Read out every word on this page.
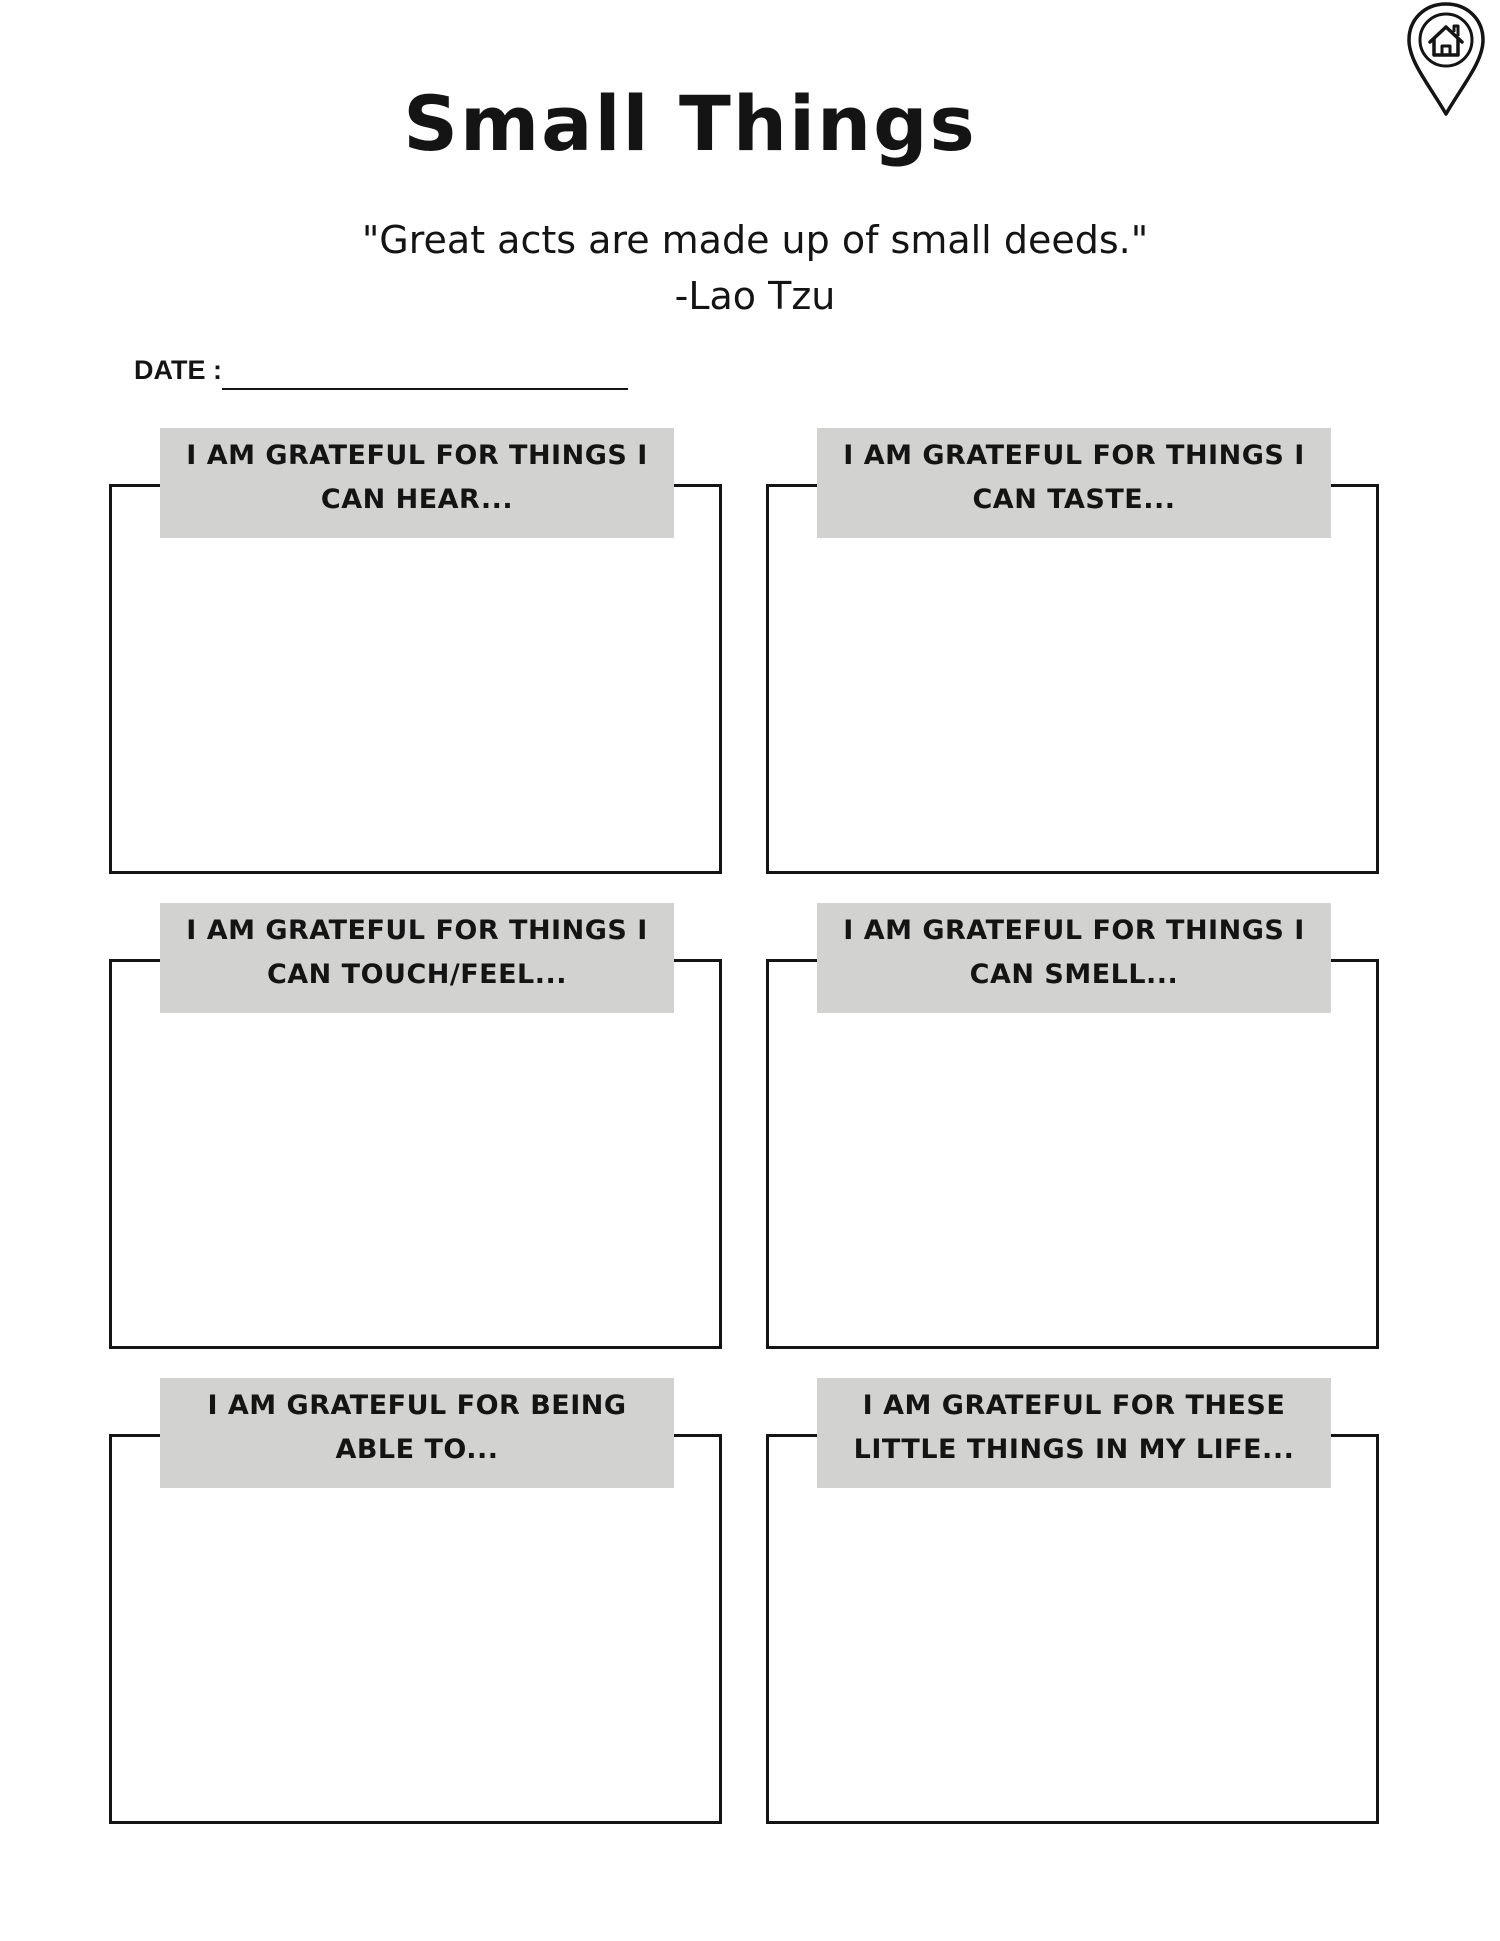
Small Things
"Great acts are made up of small deeds."
-Lao Tzu
DATE :
I AM GRATEFUL FOR THINGS I
CAN HEAR...
I AM GRATEFUL FOR THINGS I
CAN TASTE...
I AM GRATEFUL FOR THINGS I
CAN TOUCH/FEEL...
I AM GRATEFUL FOR THINGS I
CAN SMELL...
I AM GRATEFUL FOR BEING
ABLE TO...
I AM GRATEFUL FOR THESE
LITTLE THINGS IN MY LIFE...
